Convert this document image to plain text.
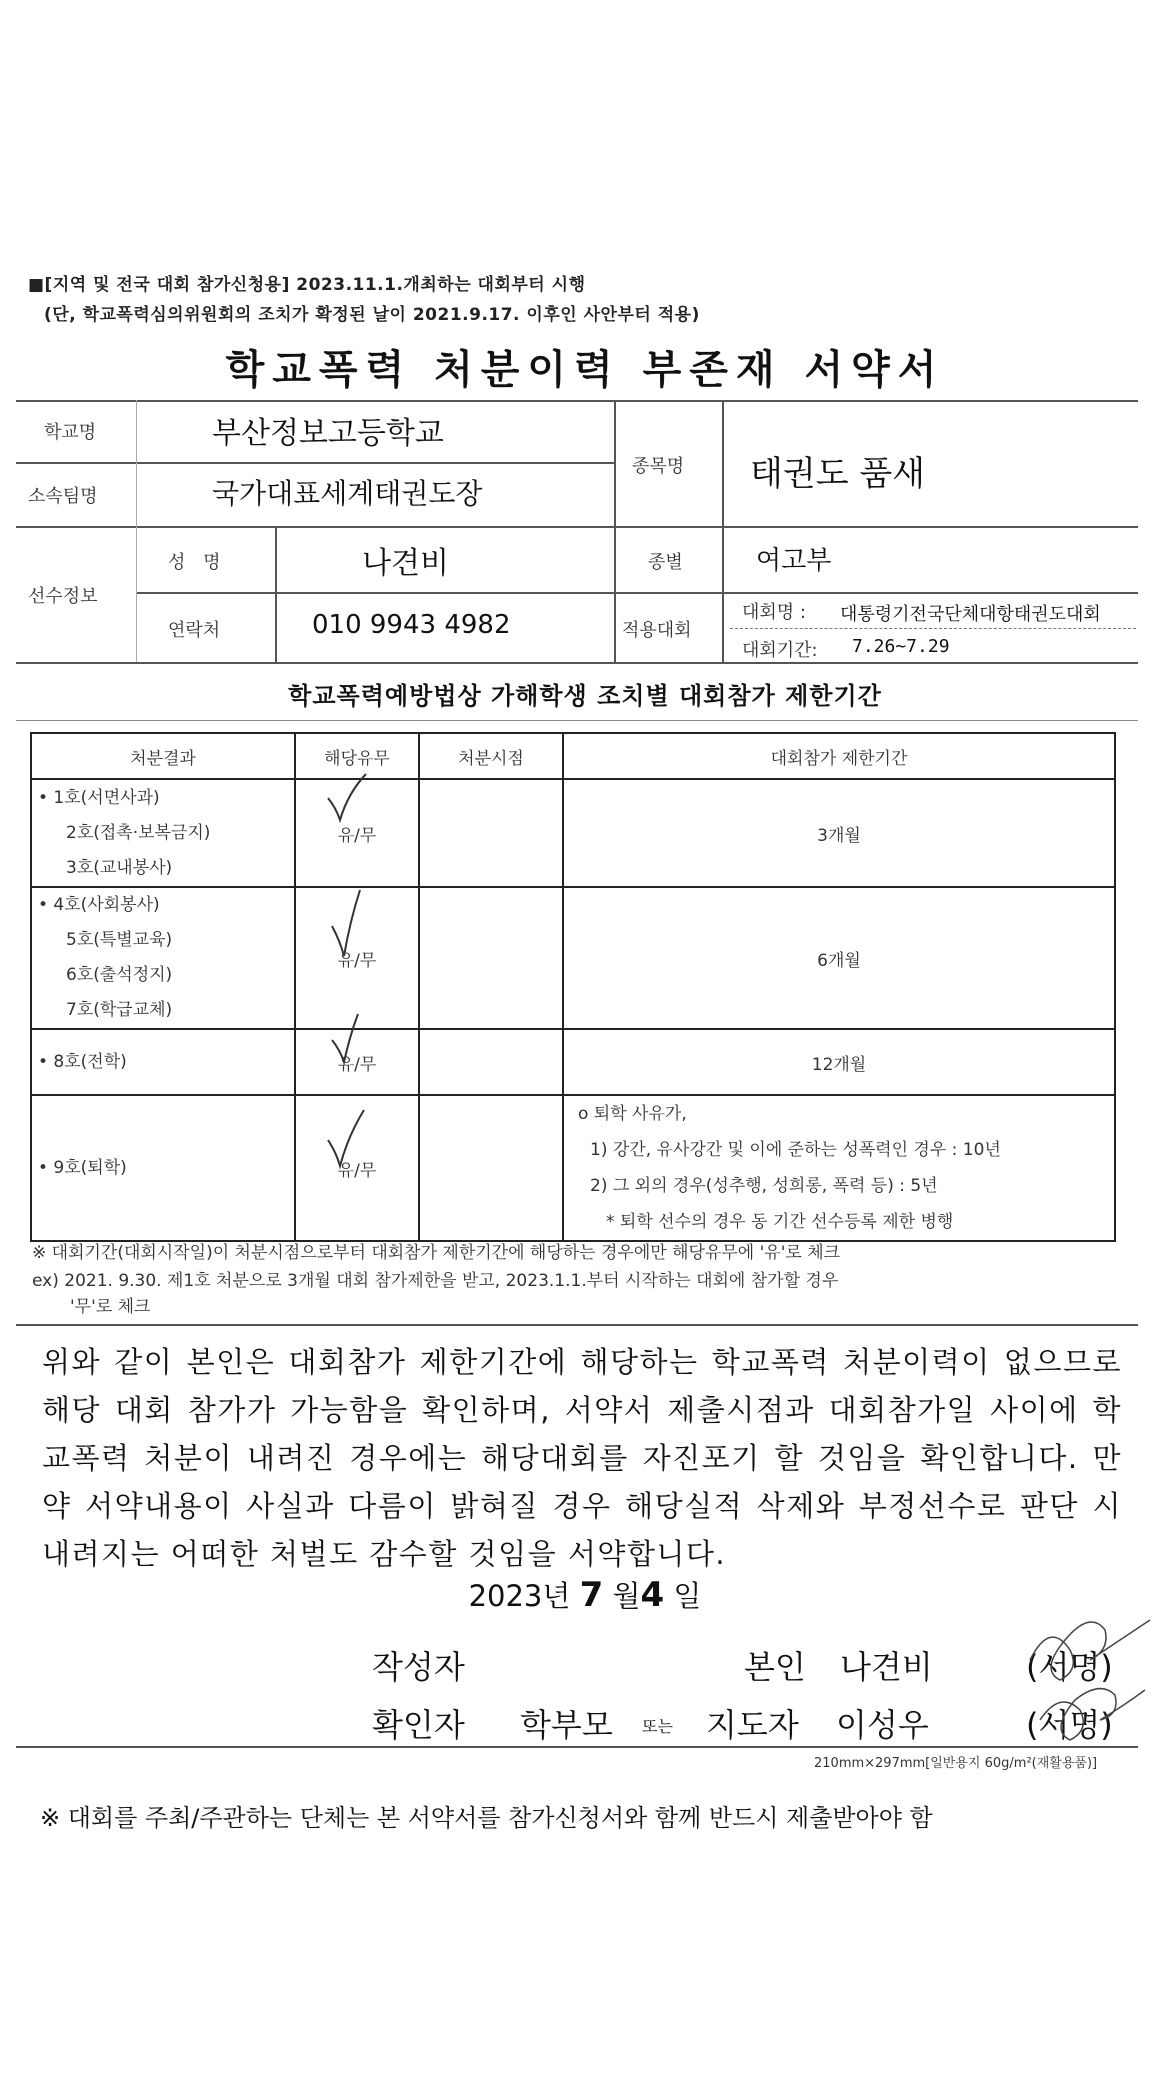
■[지역 및 전국 대회 참가신청용] 2023.11.1.개최하는 대회부터 시행
(단, 학교폭력심의위원회의 조치가 확정된 날이 2021.9.17. 이후인 사안부터 적용)
학교폭력 처분이력 부존재 서약서
학교명	부산정보고등학교
소속팀명	국가대표세계태권도장
종목명 태권도 품새
선수정보
성 명	나견비
연락처	010 9943 4982
종별	여고부
적용대회
대회명 : 대통령기전국단체대항태권도대회
대회기간: 7.26~7.29
학교폭력예방법상 가해학생 조치별 대회참가 제한기간
처분결과	해당유무	처분시점	대회참가 제한기간

• 1호(서면사과)
2호(접촉·보복금지)
3호(교내봉사)	유/무		3개월

• 4호(사회봉사)
5호(특별교육)
6호(출석정지)
7호(학급교체)	유/무		6개월

• 8호(전학)	유/무		12개월

• 9호(퇴학)	유/무		o 퇴학 사유가,
1) 강간, 유사강간 및 이에 준하는 성폭력인 경우 : 10년
2) 그 외의 경우(성추행, 성희롱, 폭력 등) : 5년
* 퇴학 선수의 경우 동 기간 선수등록 제한 병행
※ 대회기간(대회시작일)이 처분시점으로부터 대회참가 제한기간에 해당하는 경우에만 해당유무에 '유'로 체크
ex) 2021. 9.30. 제1호 처분으로 3개월 대회 참가제한을 받고, 2023.1.1.부터 시작하는 대회에 참가할 경우
'무'로 체크
위와 같이 본인은 대회참가 제한기간에 해당하는 학교폭력 처분이력이 없으므로 해당 대회 참가가 가능함을 확인하며, 서약서 제출시점과 대회참가일 사이에 학교폭력 처분이 내려진 경우에는 해당대회를 자진포기 할 것임을 확인합니다. 만약 서약내용이 사실과 다름이 밝혀질 경우 해당실적 삭제와 부정선수로 판단 시 내려지는 어떠한 처벌도 감수할 것임을 서약합니다.
2023년 7 월4 일
작성자	본인 나견비	(서명)
확인자 학부모 또는 지도자 이성우	(서명)
210mm×297mm[일반용지 60g/m²(재활용품)]
※ 대회를 주최/주관하는 단체는 본 서약서를 참가신청서와 함께 반드시 제출받아야 함
